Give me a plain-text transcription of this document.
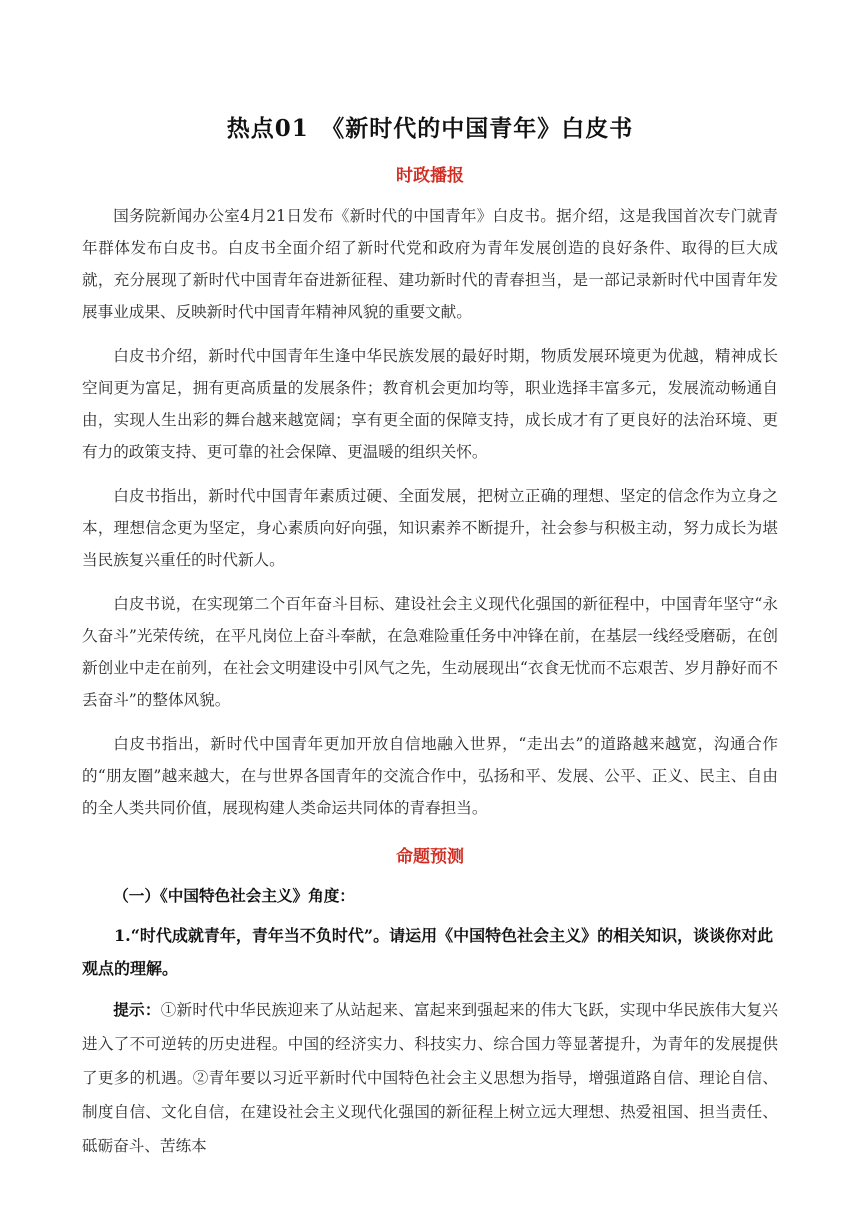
热点01　《新时代的中国青年》白皮书
时政播报

国务院新闻办公室4月21日发布《新时代的中国青年》白皮书。据介绍，这是我国首次专门就青年群体发布白皮书。白皮书全面介绍了新时代党和政府为青年发展创造的良好条件、取得的巨大成就，充分展现了新时代中国青年奋进新征程、建功新时代的青春担当，是一部记录新时代中国青年发展事业成果、反映新时代中国青年精神风貌的重要文献。

白皮书介绍，新时代中国青年生逢中华民族发展的最好时期，物质发展环境更为优越，精神成长空间更为富足，拥有更高质量的发展条件；教育机会更加均等，职业选择丰富多元，发展流动畅通自由，实现人生出彩的舞台越来越宽阔；享有更全面的保障支持，成长成才有了更良好的法治环境、更有力的政策支持、更可靠的社会保障、更温暖的组织关怀。

白皮书指出，新时代中国青年素质过硬、全面发展，把树立正确的理想、坚定的信念作为立身之本，理想信念更为坚定，身心素质向好向强，知识素养不断提升，社会参与积极主动，努力成长为堪当民族复兴重任的时代新人。

白皮书说，在实现第二个百年奋斗目标、建设社会主义现代化强国的新征程中，中国青年坚守“永久奋斗”光荣传统，在平凡岗位上奋斗奉献，在急难险重任务中冲锋在前，在基层一线经受磨砺，在创新创业中走在前列，在社会文明建设中引风气之先，生动展现出“衣食无忧而不忘艰苦、岁月静好而不丢奋斗”的整体风貌。

白皮书指出，新时代中国青年更加开放自信地融入世界，“走出去”的道路越来越宽，沟通合作的“朋友圈”越来越大，在与世界各国青年的交流合作中，弘扬和平、发展、公平、正义、民主、自由的全人类共同价值，展现构建人类命运共同体的青春担当。

命题预测
（一）《中国特色社会主义》角度：
1.“时代成就青年，青年当不负时代”。请运用《中国特色社会主义》的相关知识，谈谈你对此观点的理解。

提示：①新时代中华民族迎来了从站起来、富起来到强起来的伟大飞跃，实现中华民族伟大复兴进入了不可逆转的历史进程。中国的经济实力、科技实力、综合国力等显著提升，为青年的发展提供了更多的机遇。②青年要以习近平新时代中国特色社会主义思想为指导，增强道路自信、理论自信、制度自信、文化自信，在建设社会主义现代化强国的新征程上树立远大理想、热爱祖国、担当责任、砥砺奋斗、苦练本
